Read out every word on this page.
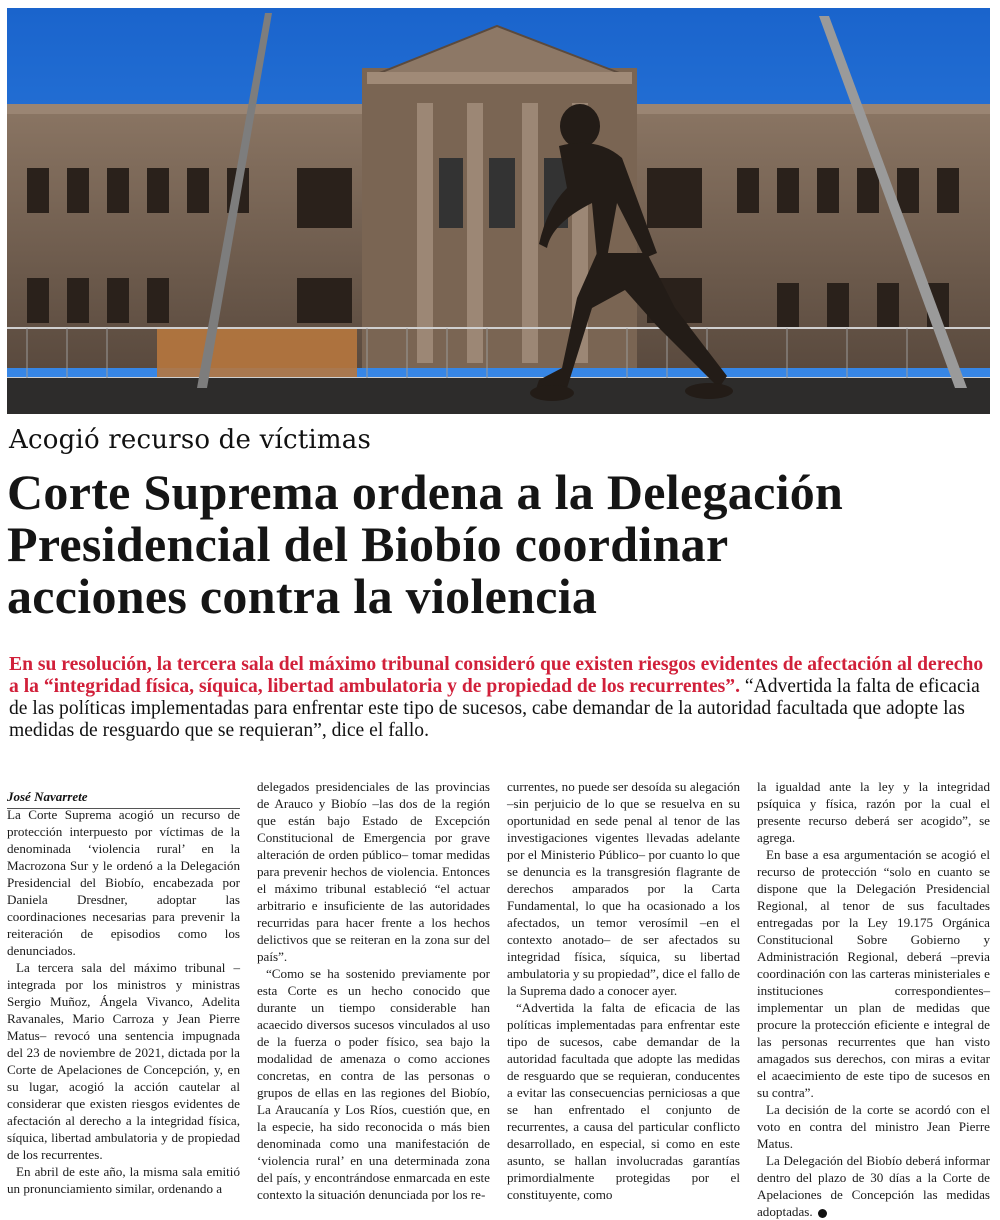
Acogió recurso de víctimas
Corte Suprema ordena a la Delegación
Presidencial del Biobío coordinar
acciones contra la violencia
En su resolución, la tercera sala del máximo tribunal consideró que existen riesgos evidentes de afectación al derecho a la “integridad física, síquica, libertad ambulatoria y de propiedad de los recurrentes”. “Advertida la falta de eficacia de las políticas implementadas para enfrentar este tipo de sucesos, cabe demandar de la autoridad facultada que adopte las medidas de resguardo que se requieran”, dice el fallo.
José Navarrete

La Corte Suprema acogió un recurso de protección interpuesto por víctimas de la denominada ‘violencia rural’ en la Macrozona Sur y le ordenó a la Delegación Presidencial del Biobío, encabezada por Daniela Dresdner, adoptar las coordinaciones necesarias para prevenir la reiteración de episodios como los denunciados.

La tercera sala del máximo tribunal –integrada por los ministros y ministras Sergio Muñoz, Ángela Vivanco, Adelita Ravanales, Mario Carroza y Jean Pierre Matus– revocó una sentencia impugnada del 23 de noviembre de 2021, dictada por la Corte de Apelaciones de Concepción, y, en su lugar, acogió la acción cautelar al considerar que existen riesgos evidentes de afectación al derecho a la integridad física, síquica, libertad ambulatoria y de propiedad de los recurrentes.

En abril de este año, la misma sala emitió un pronunciamiento similar, ordenando a

delegados presidenciales de las provincias de Arauco y Biobío –las dos de la región que están bajo Estado de Excepción Constitucional de Emergencia por grave alteración de orden público– tomar medidas para prevenir hechos de violencia. Entonces el máximo tribunal estableció “el actuar arbitrario e insuficiente de las autoridades recurridas para hacer frente a los hechos delictivos que se reiteran en la zona sur del país”.

“Como se ha sostenido previamente por esta Corte es un hecho conocido que durante un tiempo considerable han acaecido diversos sucesos vinculados al uso de la fuerza o poder físico, sea bajo la modalidad de amenaza o como acciones concretas, en contra de las personas o grupos de ellas en las regiones del Biobío, La Araucanía y Los Ríos, cuestión que, en la especie, ha sido reconocida o más bien denominada como una manifestación de ‘violencia rural’ en una determinada zona del país, y encontrándose enmarcada en este contexto la situación denunciada por los re-

currentes, no puede ser desoída su alegación –sin perjuicio de lo que se resuelva en su oportunidad en sede penal al tenor de las investigaciones vigentes llevadas adelante por el Ministerio Público– por cuanto lo que se denuncia es la transgresión flagrante de derechos amparados por la Carta Fundamental, lo que ha ocasionado a los afectados, un temor verosímil –en el contexto anotado– de ser afectados su integridad física, síquica, su libertad ambulatoria y su propiedad”, dice el fallo de la Suprema dado a conocer ayer.

“Advertida la falta de eficacia de las políticas implementadas para enfrentar este tipo de sucesos, cabe demandar de la autoridad facultada que adopte las medidas de resguardo que se requieran, conducentes a evitar las consecuencias perniciosas a que se han enfrentado el conjunto de recurrentes, a causa del particular conflicto desarrollado, en especial, si como en este asunto, se hallan involucradas garantías primordialmente protegidas por el constituyente, como

la igualdad ante la ley y la integridad psíquica y física, razón por la cual el presente recurso deberá ser acogido”, se agrega.

En base a esa argumentación se acogió el recurso de protección “solo en cuanto se dispone que la Delegación Presidencial Regional, al tenor de sus facultades entregadas por la Ley 19.175 Orgánica Constitucional Sobre Gobierno y Administración Regional, deberá –previa coordinación con las carteras ministeriales e instituciones correspondientes– implementar un plan de medidas que procure la protección eficiente e integral de las personas recurrentes que han visto amagados sus derechos, con miras a evitar el acaecimiento de este tipo de sucesos en su contra”.

La decisión de la corte se acordó con el voto en contra del ministro Jean Pierre Matus.

La Delegación del Biobío deberá informar dentro del plazo de 30 días a la Corte de Apelaciones de Concepción las medidas adoptadas.
